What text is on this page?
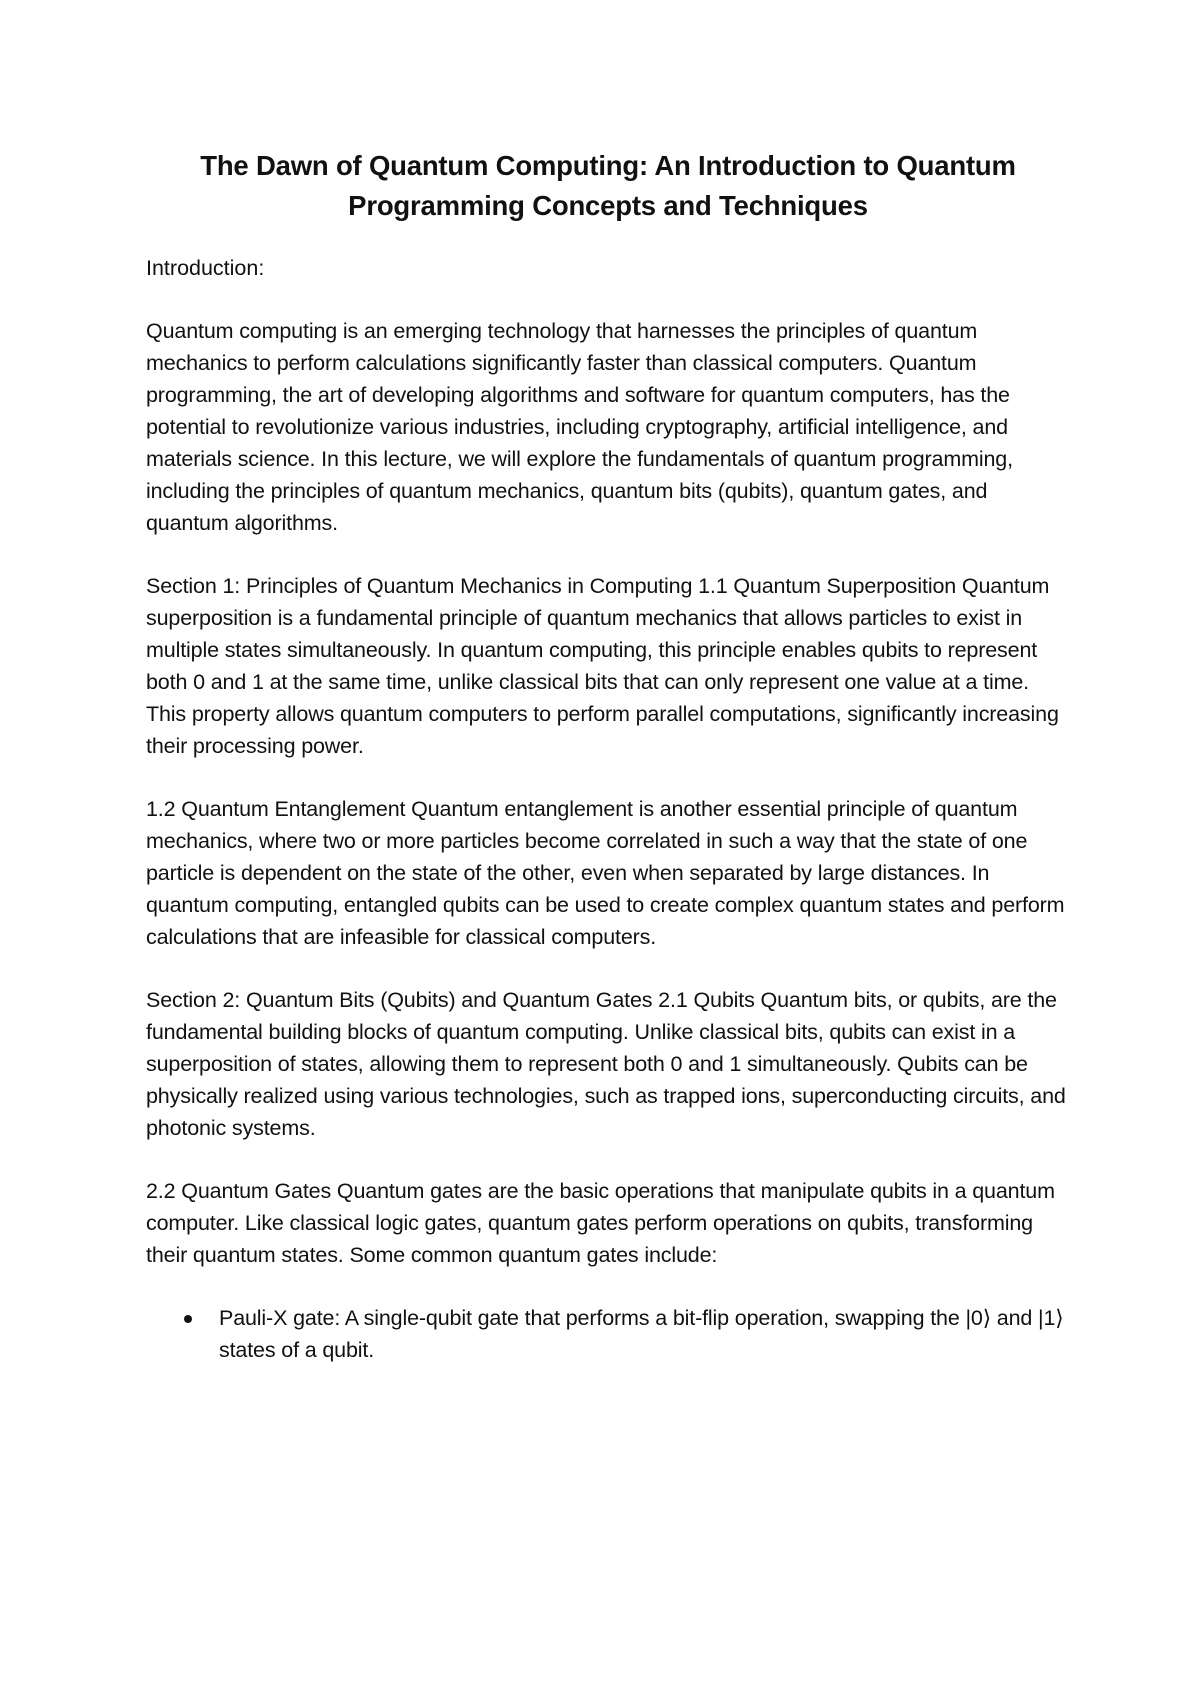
The Dawn of Quantum Computing: An Introduction to Quantum Programming Concepts and Techniques

Introduction:

Quantum computing is an emerging technology that harnesses the principles of quantum mechanics to perform calculations significantly faster than classical computers. Quantum programming, the art of developing algorithms and software for quantum computers, has the potential to revolutionize various industries, including cryptography, artificial intelligence, and materials science. In this lecture, we will explore the fundamentals of quantum programming, including the principles of quantum mechanics, quantum bits (qubits), quantum gates, and quantum algorithms.

Section 1: Principles of Quantum Mechanics in Computing 1.1 Quantum Superposition Quantum superposition is a fundamental principle of quantum mechanics that allows particles to exist in multiple states simultaneously. In quantum computing, this principle enables qubits to represent both 0 and 1 at the same time, unlike classical bits that can only represent one value at a time. This property allows quantum computers to perform parallel computations, significantly increasing their processing power.

1.2 Quantum Entanglement Quantum entanglement is another essential principle of quantum mechanics, where two or more particles become correlated in such a way that the state of one particle is dependent on the state of the other, even when separated by large distances. In quantum computing, entangled qubits can be used to create complex quantum states and perform calculations that are infeasible for classical computers.

Section 2: Quantum Bits (Qubits) and Quantum Gates 2.1 Qubits Quantum bits, or qubits, are the fundamental building blocks of quantum computing. Unlike classical bits, qubits can exist in a superposition of states, allowing them to represent both 0 and 1 simultaneously. Qubits can be physically realized using various technologies, such as trapped ions, superconducting circuits, and photonic systems.

2.2 Quantum Gates Quantum gates are the basic operations that manipulate qubits in a quantum computer. Like classical logic gates, quantum gates perform operations on qubits, transforming their quantum states. Some common quantum gates include:

Pauli-X gate: A single-qubit gate that performs a bit-flip operation, swapping the |0⟩ and |1⟩ states of a qubit.
